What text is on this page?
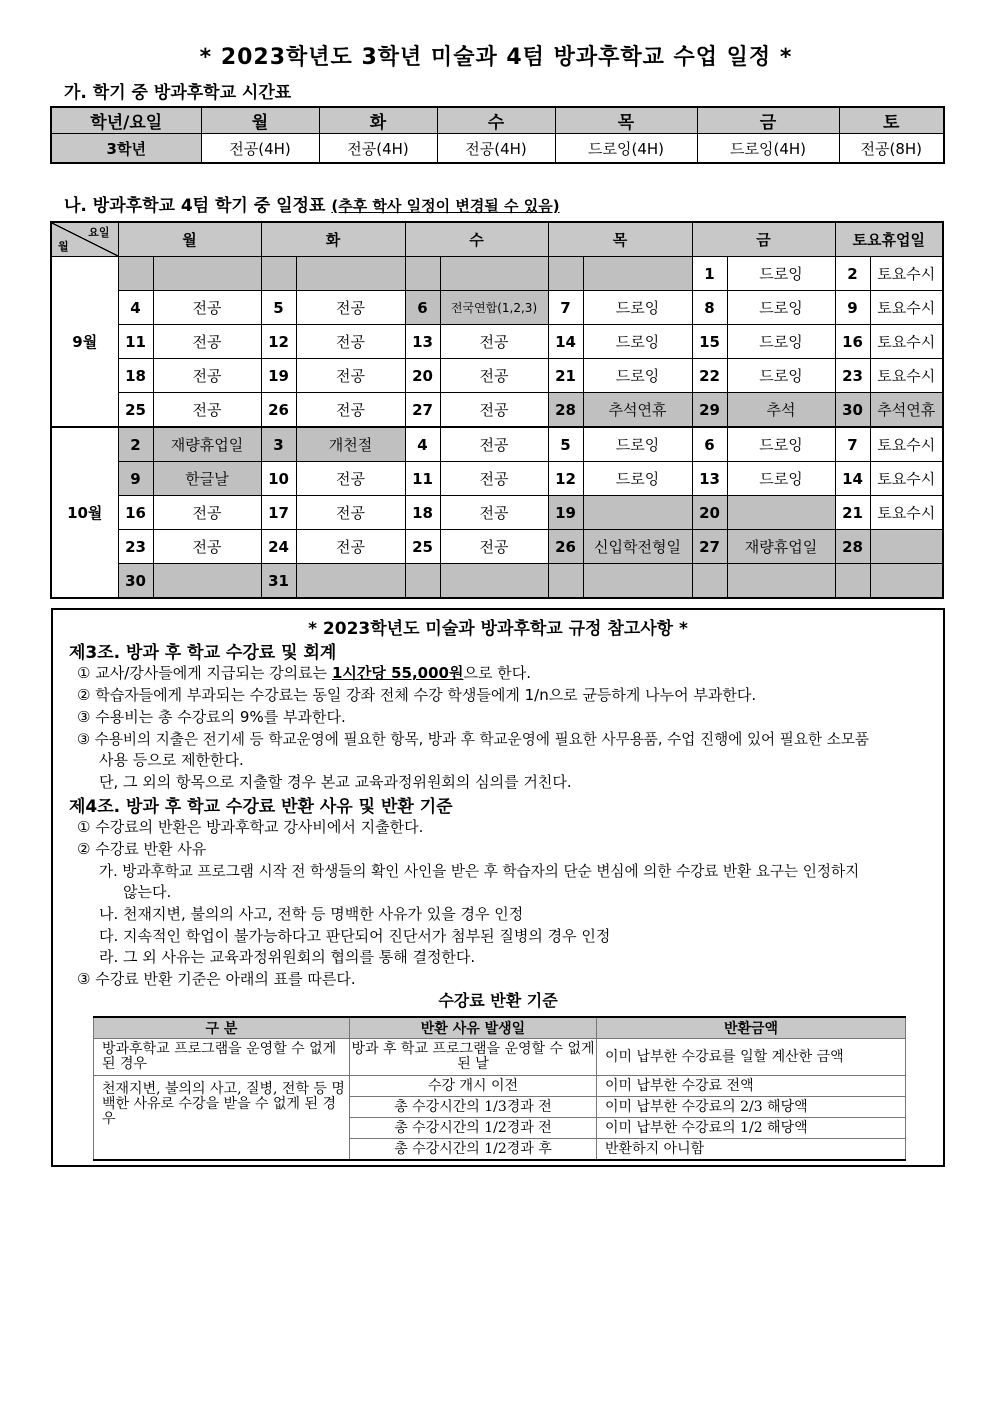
* 2023학년도 3학년 미술과 4텀 방과후학교 수업 일정 *
가. 학기 중 방과후학교 시간표
학년/요일	월	화	수	목	금	토
3학년	전공(4H)	전공(4H)	전공(4H)	드로잉(4H)	드로잉(4H)	전공(8H)
나. 방과후학교 4텀 학기 중 일정표 (추후 학사 일정이 변경될 수 있음)
요일
월	월		화		수		목		금		토요휴업일	
9월									1	드로잉	2	토요수시
	4	전공	5	전공	6	전국연합(1,2,3)	7	드로잉	8	드로잉	9	토요수시
	11	전공	12	전공	13	전공	14	드로잉	15	드로잉	16	토요수시
	18	전공	19	전공	20	전공	21	드로잉	22	드로잉	23	토요수시
	25	전공	26	전공	27	전공	28	추석연휴	29	추석	30	추석연휴
10월	2	재량휴업일	3	개천절	4	전공	5	드로잉	6	드로잉	7	토요수시
	9	한글날	10	전공	11	전공	12	드로잉	13	드로잉	14	토요수시
	16	전공	17	전공	18	전공	19		20		21	토요수시
	23	전공	24	전공	25	전공	26	신입학전형일	27	재량휴업일	28	
	30		31									
* 2023학년도 미술과 방과후학교 규정 참고사항 *
제3조. 방과 후 학교 수강료 및 회계
① 교사/강사들에게 지급되는 강의료는 1시간당 55,000원으로 한다.
② 학습자들에게 부과되는 수강료는 동일 강좌 전체 수강 학생들에게 1/n으로 균등하게 나누어 부과한다.
③ 수용비는 총 수강료의 9%를 부과한다.
③ 수용비의 지출은 전기세 등 학교운영에 필요한 항목, 방과 후 학교운영에 필요한 사무용품, 수업 진행에 있어 필요한 소모품
사용 등으로 제한한다.
단, 그 외의 항목으로 지출할 경우 본교 교육과정위원회의 심의를 거친다.
제4조. 방과 후 학교 수강료 반환 사유 및 반환 기준
① 수강료의 반환은 방과후학교 강사비에서 지출한다.
② 수강료 반환 사유
가. 방과후학교 프로그램 시작 전 학생들의 확인 사인을 받은 후 학습자의 단순 변심에 의한 수강료 반환 요구는 인정하지
않는다.
나. 천재지변, 불의의 사고, 전학 등 명백한 사유가 있을 경우 인정
다. 지속적인 학업이 불가능하다고 판단되어 진단서가 첨부된 질병의 경우 인정
라. 그 외 사유는 교육과정위원회의 협의를 통해 결정한다.
③ 수강료 반환 기준은 아래의 표를 따른다.
수강료 반환 기준
구 분	반환 사유 발생일	반환금액
방과후학교 프로그램을 운영할 수 없게 된 경우	방과 후 학교 프로그램을 운영할 수 없게 된 날	이미 납부한 수강료를 일할 계산한 금액
천재지변, 불의의 사고, 질병, 전학 등 명백한 사유로 수강을 받을 수 없게 된 경우	수강 개시 이전	이미 납부한 수강료 전액
	총 수강시간의 1/3경과 전	이미 납부한 수강료의 2/3 해당액
	총 수강시간의 1/2경과 전	이미 납부한 수강료의 1/2 해당액
	총 수강시간의 1/2경과 후	반환하지 아니함
